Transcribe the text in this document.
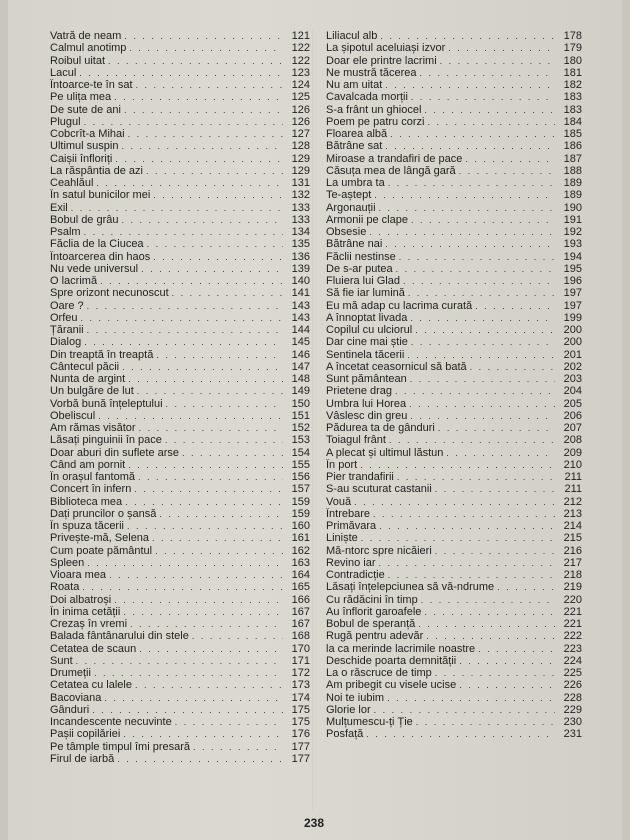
Vatră de neam . . .	121
Calmul anotimp . . .	122
Roibul uitat . . .	122
Lacul . . .	123
Întoarce-te în sat . . .	124
Pe ulița mea . . .	125
De sute de ani . . .	126
Plugul . . .	126
Cobcrît-a Mihai . . .	127
Ultimul suspin . . .	128
Caișii înfloriți . . .	129
La răspântia de azi . . .	129
Ceahlăul . . .	131
În satul bunicilor mei . . .	132
Exil . . .	133
Bobul de grâu . . .	133
Psalm . . .	134
Făclia de la Ciucea . . .	135
Întoarcerea din haos . . .	136
Nu vede universul . . .	139
O lacrimă . . .	140
Spre orizont necunoscut . . .	141
Oare ? . . .	143
Orfeu . . .	143
Țăranii . . .	144
Dialog . . .	145
Din treaptă în treaptă . . .	146
Cântecul păcii . . .	147
Nunta de argint . . .	148
Un bulgăre de lut . . .	149
Vorbă bună înțeleptului . . .	150
Obeliscul . . .	151
Am rămas visător . . .	152
Lăsați pinguinii în pace . . .	153
Doar aburi din suflete arse . . .	154
Când am pornit . . .	155
În orașul fantomă . . .	156
Concert în infern . . .	157
Biblioteca mea . . .	159
Dați pruncilor o șansă . . .	159
În spuza tăcerii . . .	160
Privește-mă, Selena . . .	161
Cum poate pământul . . .	162
Spleen . . .	163
Vioara mea . . .	164
Roata . . .	165
Doi albatroși . . .	166
În inima cetății . . .	167
Crezaș în vremi . . .	167
Balada fântânarului din stele . . .	168
Cetatea de scaun . . .	170
Sunt . . .	171
Drumeții . . .	172
Cetatea cu lalele . . .	173
Bacoviana . . .	174
Gânduri . . .	175
Incandescente necuvinte . . .	175
Pașii copilăriei . . .	176
Pe tâmple timpul îmi presară . . .	177
Firul de iarbă . . .	177
Liliacul alb . . .	178
La șipotul aceluiași izvor . . .	179
Doar ele printre lacrimi . . .	180
Ne mustră tăcerea . . .	181
Nu am uitat . . .	182
Cavalcada morții . . .	183
S-a frânt un ghiocel . . .	183
Poem pe patru corzi . . .	184
Floarea albă . . .	185
Bătrâne sat . . .	186
Miroase a trandafiri de pace . . .	187
Căsuța mea de lângă gară . . .	188
La umbra ta . . .	189
Te-aștept . . .	189
Argonauții . . .	190
Armonii pe clape . . .	191
Obsesie . . .	192
Bătrâne nai . . .	193
Făclii nestinse . . .	194
De s-ar putea . . .	195
Fluiera lui Glad . . .	196
Să fie iar lumină . . .	197
Eu mă adap cu lacrima curată . . .	197
A înnoptat livada . . .	199
Copilul cu ulciorul . . .	200
Dar cine mai știe . . .	200
Sentinela tăcerii . . .	201
A încetat ceasornicul să bată . . .	202
Sunt pământean . . .	203
Prietene drag . . .	204
Umbra lui Horea . . .	205
Vâslesc din greu . . .	206
Pădurea ta de gânduri . . .	207
Toiagul frânt . . .	208
A plecat și ultimul lăstun . . .	209
În port . . .	210
Pier trandafirii . . .	211
S-au scuturat castanii . . .	211
Vouă . . .	212
Întrebare . . .	213
Primăvara . . .	214
Liniște . . .	215
Mă-ntorc spre nicăieri . . .	216
Revino iar . . .	217
Contradicție . . .	218
Lăsați înțelepciunea să vă-ndrume . . .	219
Cu rădăcini în timp . . .	220
Au înflorit garoafele . . .	221
Bobul de speranță . . .	221
Rugă pentru adevăr . . .	222
la ca merinde lacrimile noastre . . .	223
Deschide poarta demnității . . .	224
La o răscruce de timp . . .	225
Am pribegit cu visele ucise . . .	226
Noi te iubim . . .	228
Glorie lor . . .	229
Mulțumescu-ți Ție . . .	230
Posfață . . .	231
238
